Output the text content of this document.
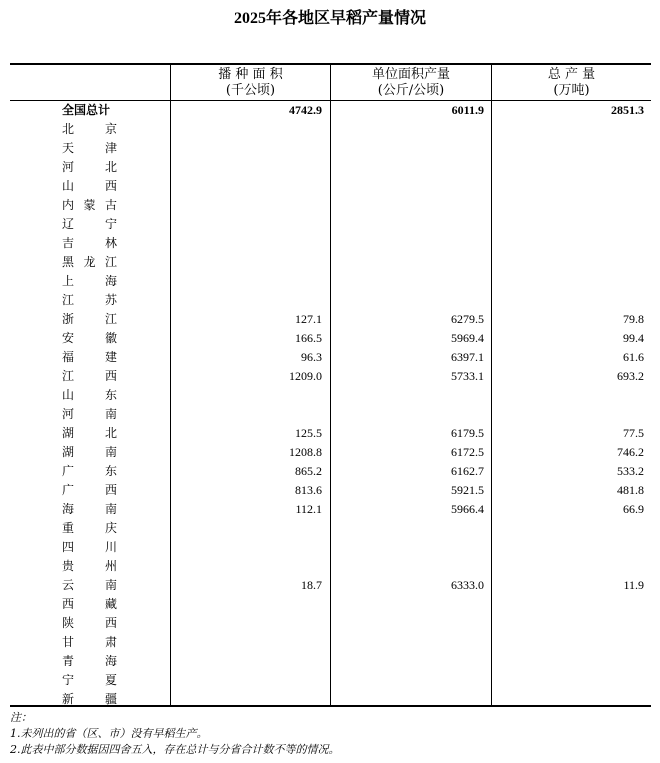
2025年各地区早稻产量情况
播 种 面 积
(千公顷)
单位面积产量
(公斤/公顷)
总 产 量
(万吨)
全国总计	4742.9	6011.9	2851.3
北京
天津
河北
山西
内蒙古
辽宁
吉林
黑龙江
上海
江苏
浙江	127.1	6279.5	79.8
安徽	166.5	5969.4	99.4
福建	96.3	6397.1	61.6
江西	1209.0	5733.1	693.2
山东
河南
湖北	125.5	6179.5	77.5
湖南	1208.8	6172.5	746.2
广东	865.2	6162.7	533.2
广西	813.6	5921.5	481.8
海南	112.1	5966.4	66.9
重庆
四川
贵州
云南	18.7	6333.0	11.9
西藏
陕西
甘肃
青海
宁夏
新疆
注：
1.未列出的省（区、市）没有早稻生产。
2.此表中部分数据因四舍五入，存在总计与分省合计数不等的情况。
